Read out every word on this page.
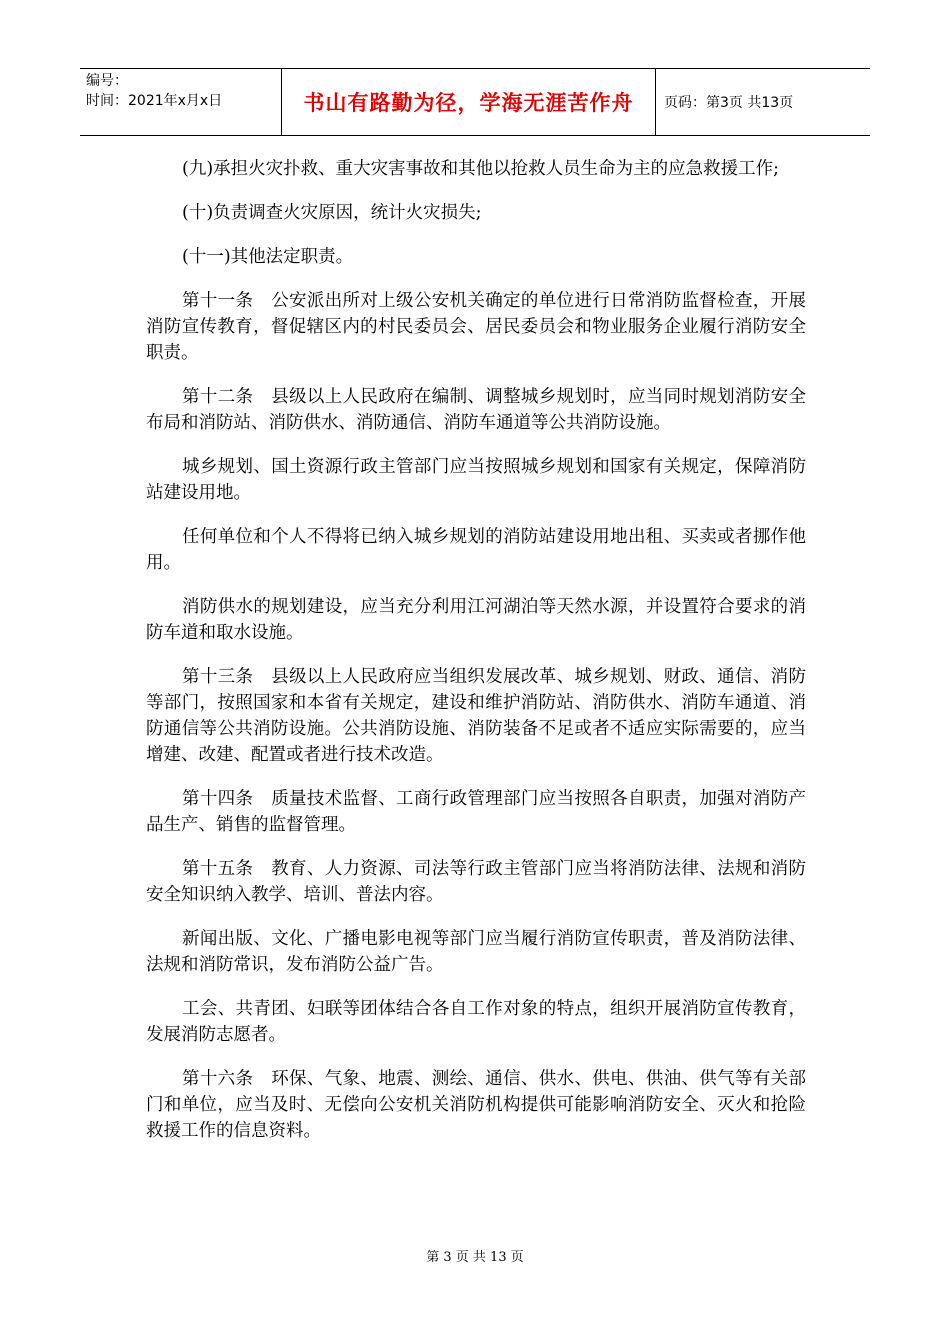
编号：
时间：2021年x月x日	书山有路勤为径，学海无涯苦作舟	页码：第3页 共13页

(九)承担火灾扑救、重大灾害事故和其他以抢救人员生命为主的应急救援工作;

(十)负责调查火灾原因，统计火灾损失;

(十一)其他法定职责。

第十一条　公安派出所对上级公安机关确定的单位进行日常消防监督检查，开展消防宣传教育，督促辖区内的村民委员会、居民委员会和物业服务企业履行消防安全职责。

第十二条　县级以上人民政府在编制、调整城乡规划时，应当同时规划消防安全布局和消防站、消防供水、消防通信、消防车通道等公共消防设施。

城乡规划、国土资源行政主管部门应当按照城乡规划和国家有关规定，保障消防站建设用地。

任何单位和个人不得将已纳入城乡规划的消防站建设用地出租、买卖或者挪作他用。

消防供水的规划建设，应当充分利用江河湖泊等天然水源，并设置符合要求的消防车道和取水设施。

第十三条　县级以上人民政府应当组织发展改革、城乡规划、财政、通信、消防等部门，按照国家和本省有关规定，建设和维护消防站、消防供水、消防车通道、消防通信等公共消防设施。公共消防设施、消防装备不足或者不适应实际需要的，应当增建、改建、配置或者进行技术改造。

第十四条　质量技术监督、工商行政管理部门应当按照各自职责，加强对消防产品生产、销售的监督管理。

第十五条　教育、人力资源、司法等行政主管部门应当将消防法律、法规和消防安全知识纳入教学、培训、普法内容。

新闻出版、文化、广播电影电视等部门应当履行消防宣传职责，普及消防法律、法规和消防常识，发布消防公益广告。

工会、共青团、妇联等团体结合各自工作对象的特点，组织开展消防宣传教育，发展消防志愿者。

第十六条　环保、气象、地震、测绘、通信、供水、供电、供油、供气等有关部门和单位，应当及时、无偿向公安机关消防机构提供可能影响消防安全、灭火和抢险救援工作的信息资料。

第 3 页 共 13 页
